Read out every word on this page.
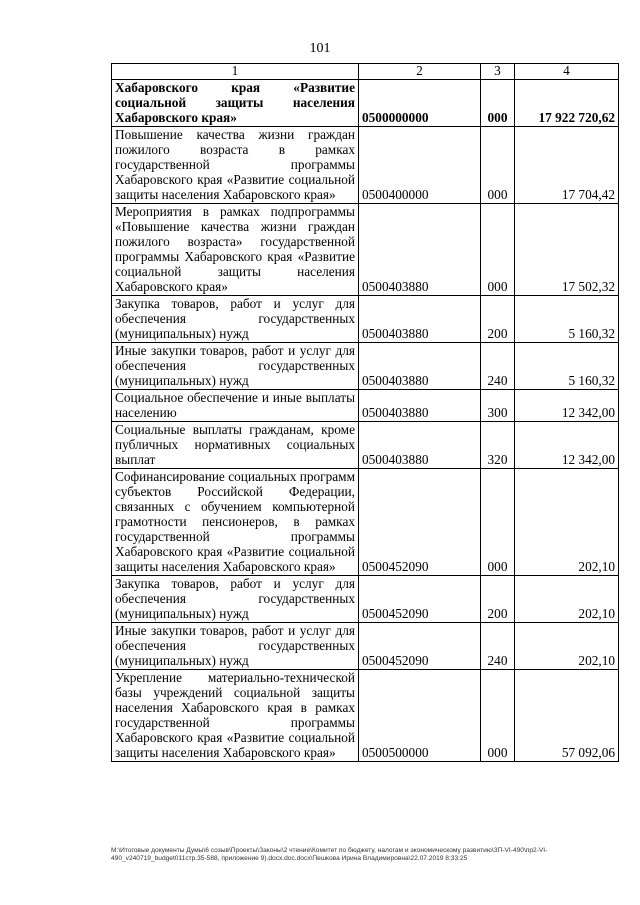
101
1	2	3	4
Хабаровского края «Развитие социальной защиты населения Хабаровского края»	0500000000	000	17 922 720,62
Повышение качества жизни граждан пожилого возраста в рамках государственной программы Хабаровского края «Развитие социальной защиты населения Хабаровского края»	0500400000	000	17 704,42
Мероприятия в рамках подпрограммы «Повышение качества жизни граждан пожилого возраста» государственной программы Хабаровского края «Развитие социальной защиты населения Хабаровского края»	0500403880	000	17 502,32
Закупка товаров, работ и услуг для обеспечения государственных (муниципальных) нужд	0500403880	200	5 160,32
Иные закупки товаров, работ и услуг для обеспечения государственных (муниципальных) нужд	0500403880	240	5 160,32
Социальное обеспечение и иные выплаты населению	0500403880	300	12 342,00
Социальные выплаты гражданам, кроме публичных нормативных социальных выплат	0500403880	320	12 342,00
Софинансирование социальных программ субъектов Российской Федерации, связанных с обучением компьютерной грамотности пенсионеров, в рамках государственной программы Хабаровского края «Развитие социальной защиты населения Хабаровского края»	0500452090	000	202,10
Закупка товаров, работ и услуг для обеспечения государственных (муниципальных) нужд	0500452090	200	202,10
Иные закупки товаров, работ и услуг для обеспечения государственных (муниципальных) нужд	0500452090	240	202,10
Укрепление материально-технической базы учреждений социальной защиты населения Хабаровского края в рамках государственной программы Хабаровского края «Развитие социальной защиты населения Хабаровского края»	0500500000	000	57 092,06
M:\Итоговые документы Думы\6 созыв\Проекты\Законы\2 чтение\Комитет по бюджету, налогам и экономическому развитию\ЗП-VI-490\пр2-VI-490_v240719_budget011стр.35-588, приложение 9).docx.doc.docx\Пешкова Ирина Владимировна\22.07.2019 8:33:25
